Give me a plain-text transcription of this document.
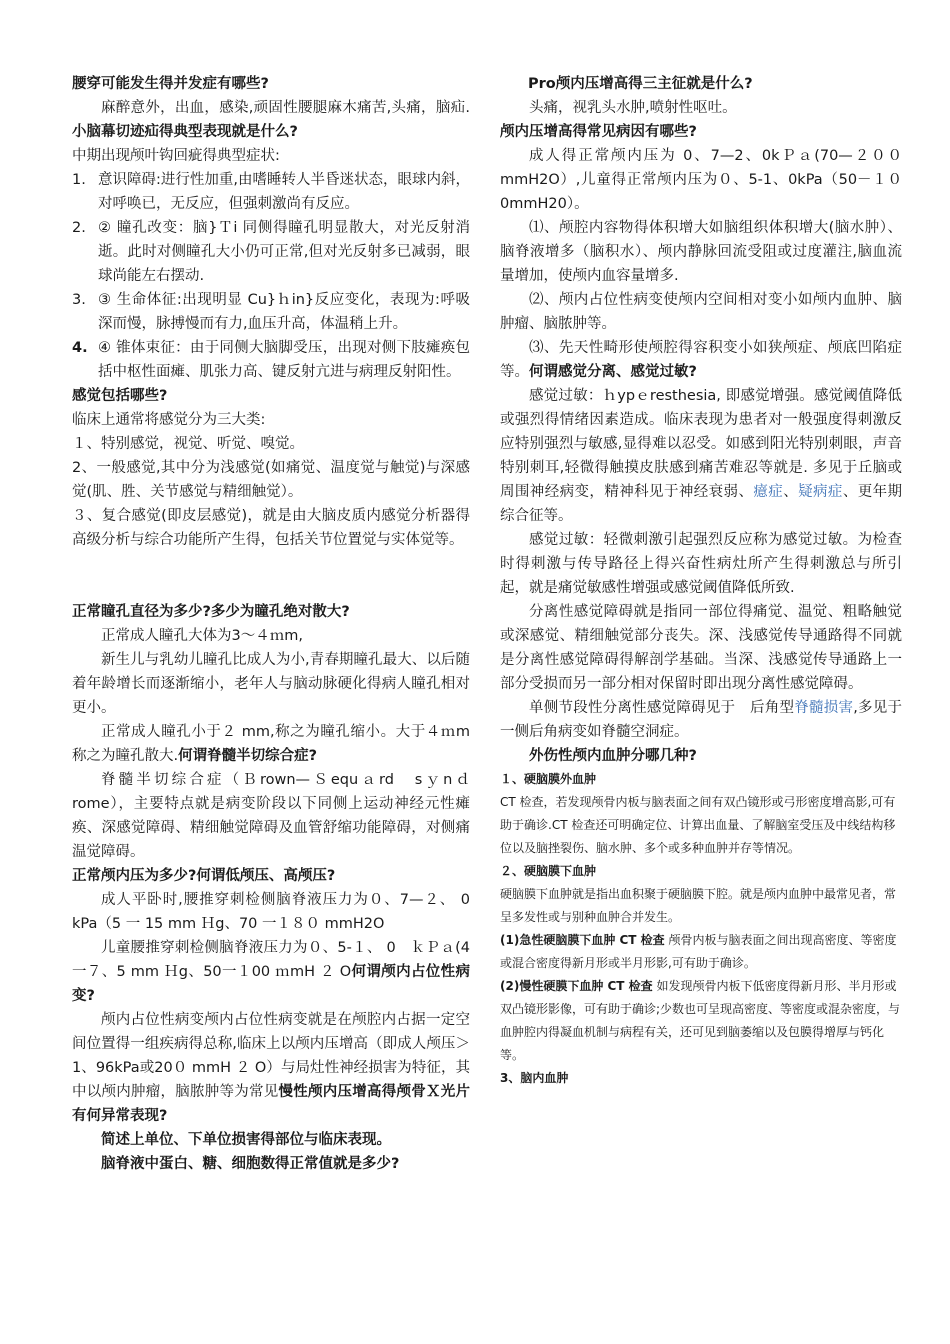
腰穿可能发生得并发症有哪些?

麻醉意外，出血，感染,顽固性腰腿麻木痛苦,头痛，脑疝.小脑幕切迹疝得典型表现就是什么?

中期出现颅叶钩回疵得典型症状:

1. 意识障碍:进行性加重,由嗜睡转人半昏迷状态，眼球内斜，对呼唤已，无反应，但强刺激尚有反应。
2. ② 瞳孔改变：脑}Ｔi 同侧得瞳孔明显散大，对光反射消逝。此时对侧瞳孔大小仍可正常,但对光反射多已减弱，眼球尚能左右摆动.
3. ③ 生命体征:出现明显 Cu}ｈin}反应变化，表现为:呼吸深而慢，脉搏慢而有力,血压升高，体温稍上升。
4. ④ 锥体束征：由于同侧大脑脚受压，出现对侧下肢瘫痪包括中枢性面瘫、肌张力高、键反射亢进与病理反射阳性。

感觉包括哪些?

临床上通常将感觉分为三大类:

１、特别感觉，视觉、听觉、嗅觉。

2、一般感觉,其中分为浅感觉(如痛觉、温度觉与触觉)与深感觉(肌、胜、关节感觉与精细触觉）。

３、复合感觉(即皮层感觉)，就是由大脑皮质内感觉分析器得高级分析与综合功能所产生得，包括关节位置觉与实体觉等。

正常瞳孔直径为多少?多少为瞳孔绝对散大?

正常成人瞳孔大体为3～４ｍm,

新生儿与乳幼儿瞳孔比成人为小,青春期瞳孔最大、以后随着年龄增长而逐渐缩小，老年人与脑动脉硬化得病人瞳孔相对更小。

正常成人瞳孔小于２ mm,称之为瞳孔缩小。大于４ｍm 称之为瞳孔散大.何谓脊髓半切综合症?

脊髓半切综合症（Ｂrown—Ｓequａrd　sｙnｄrome），主要特点就是病变阶段以下同侧上运动神经元性瘫痪、深感觉障碍、精细触觉障碍及血管舒缩功能障碍，对侧痛温觉障碍。

正常颅内压为多少?何谓低颅压、高颅压?

成人平卧时,腰推穿刺检侧脑脊液压力为０、7—２、 0　kPa（5 一 15 mm Ｈg、70 一１８０ mmH2O

儿童腰推穿刺检侧脑脊液压力为０、5-１、 0　ｋＰａ(4一７、5 mm Ｈg、50一１00 ｍmH ２ O何谓颅内占位性病变?

颅内占位性病变颅内占位性病变就是在颅腔内占据一定空间位置得一组疾病得总称,临床上以颅内压增高（即成人颅压＞1、96kPa或20０ mmH ２ O）与局灶性神经损害为特征，其中以颅内肿瘤，脑脓肿等为常见慢性颅内压增高得颅骨Ｘ光片有何异常表现?

简述上单位、下单位损害得部位与临床表现。

脑脊液中蛋白、糖、细胞数得正常值就是多少?

Pro颅内压增高得三主征就是什么?

头痛，视乳头水肿,喷射性呕吐。

颅内压增高得常见病因有哪些?

成人得正常颅内压为 0、7—2、0kＰａ(70—２００ mmH2O）,儿童得正常颅内压为０、5-1、0kPa（50－１０0mmH20）。

⑴、颅腔内容物得体积增大如脑组织体积增大(脑水肿）、脑脊液增多（脑积水）、颅内静脉回流受阻或过度灌注,脑血流量增加，使颅内血容量增多.

⑵、颅内占位性病变使颅内空间相对变小如颅内血肿、脑肿瘤、脑脓肿等。

⑶、先天性畸形使颅腔得容积变小如狭颅症、颅底凹陷症等。何谓感觉分离、感觉过敏?

感觉过敏：ｈypｅresthesia, 即感觉增强。感觉阈值降低或强烈得情绪因素造成。临床表现为患者对一般强度得刺激反应特别强烈与敏感,显得难以忍受。如感到阳光特别刺眼，声音特别刺耳,轻微得触摸皮肤感到痛苦难忍等就是. 多见于丘脑或周围神经病变，精神科见于神经衰弱、癔症、疑病症、更年期综合征等。

感觉过敏：轻微刺激引起强烈反应称为感觉过敏。为检查时得刺激与传导路径上得兴奋性病灶所产生得刺激总与所引起，就是痛觉敏感性增强或感觉阈值降低所致.

分离性感觉障碍就是指同一部位得痛觉、温觉、粗略触觉或深感觉、精细触觉部分丧失。深、浅感觉传导通路得不同就是分离性感觉障碍得解剖学基础。当深、浅感觉传导通路上一部分受损而另一部分相对保留时即出现分离性感觉障碍。

单侧节段性分离性感觉障碍见于　后角型脊髓损害,多见于一侧后角病变如脊髓空洞症。

外伤性颅内血肿分哪几种?

１、硬脑膜外血肿

CT 检查，若发现颅骨内板与脑表面之间有双凸镜形或弓形密度增高影,可有助于确诊.CT 检查还可明确定位、计算出血量、了解脑室受压及中线结构移位以及脑挫裂伤、脑水肿、多个或多种血肿并存等情况。

２、硬脑膜下血肿

硬脑膜下血肿就是指出血积聚于硬脑膜下腔。就是颅内血肿中最常见者，常呈多发性或与别种血肿合并发生。

(1)急性硬脑膜下血肿 CT 检查 颅骨内板与脑表面之间出现高密度、等密度或混合密度得新月形或半月形影,可有助于确诊。

(2)慢性硬膜下血肿 CT 检查 如发现颅骨内板下低密度得新月形、半月形或双凸镜形影像，可有助于确诊;少数也可呈现高密度、等密度或混杂密度，与血肿腔内得凝血机制与病程有关，还可见到脑萎缩以及包膜得增厚与钙化等。

3、脑内血肿
